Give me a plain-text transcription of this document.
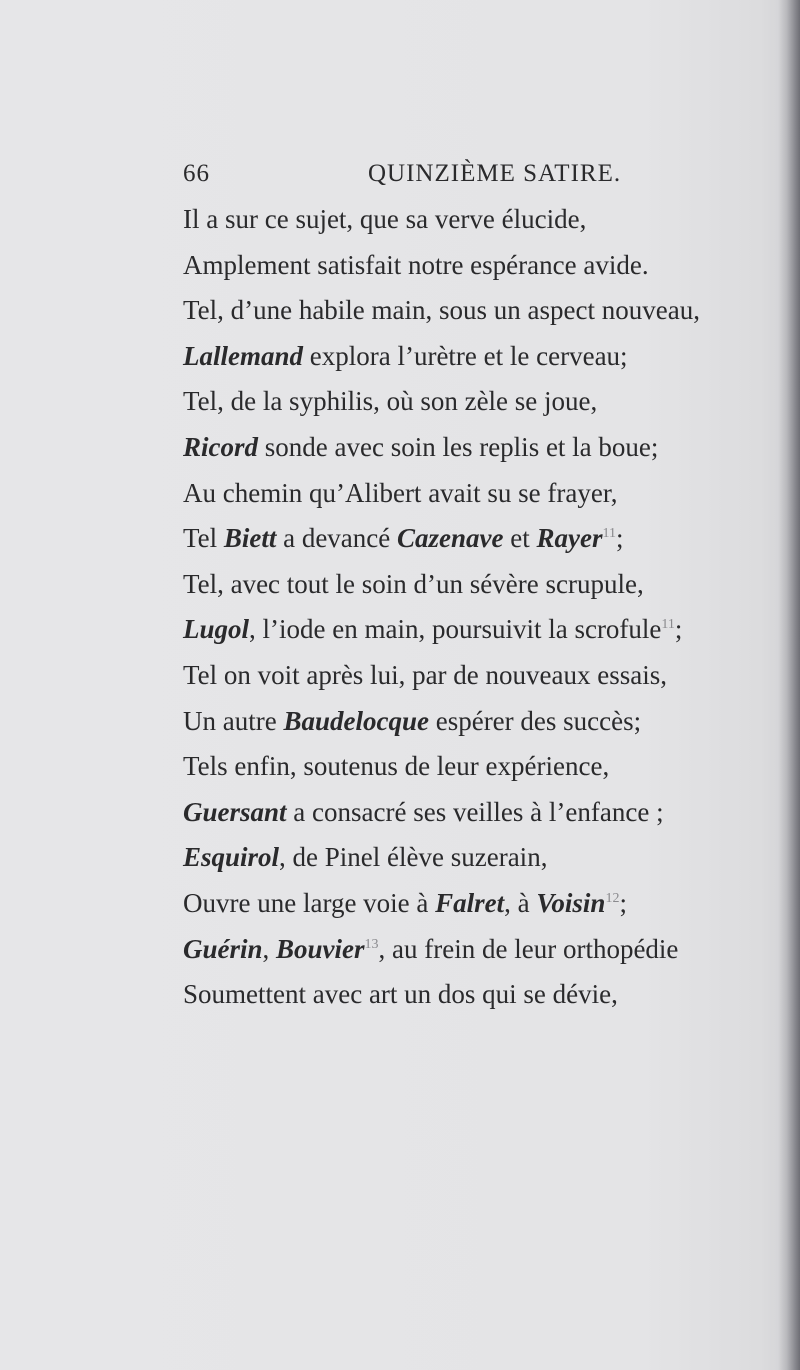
66	QUINZIÈME SATIRE.
Il a sur ce sujet, que sa verve élucide,
Amplement satisfait notre espérance avide.
Tel, d’une habile main, sous un aspect nouveau,
Lallemand explora l’urètre et le cerveau;
Tel, de la syphilis, où son zèle se joue,
Ricord sonde avec soin les replis et la boue;
Au chemin qu’Alibert avait su se frayer,
Tel Biett a devancé Cazenave et Rayer$^{11}$;
Tel, avec tout le soin d’un sévère scrupule,
Lugol, l’iode en main, poursuivit la scrofule$^{11}$;
Tel on voit après lui, par de nouveaux essais,
Un autre Baudelocque espérer des succès;
Tels enfin, soutenus de leur expérience,
Guersant a consacré ses veilles à l’enfance ;
Esquirol, de Pinel élève suzerain,
Ouvre une large voie à Falret, à Voisin$^{12}$;
Guérin, Bouvier$^{13}$, au frein de leur orthopédie
Soumettent avec art un dos qui se dévie,
